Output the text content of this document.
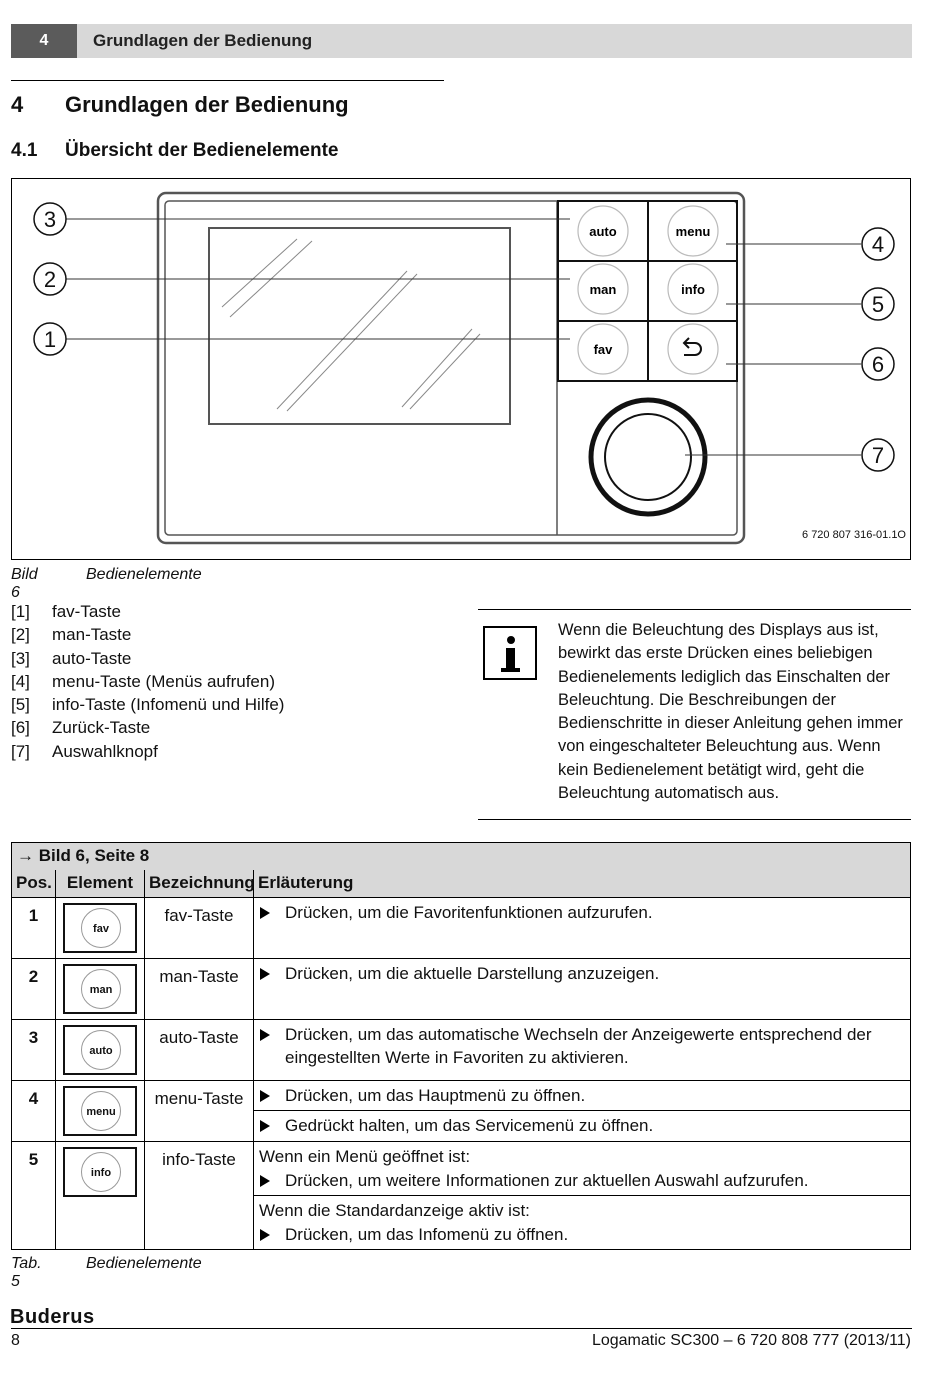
4	Grundlagen der Bedienung
4 Grundlagen der Bedienung
4.1 Übersicht der Bedienelemente
auto	menu
man	info
fav
1
2
3
4
5
6
7
6 720 807 316-01.1O
Bild 6
Bedienelemente
[1] fav-Taste
[2] man-Taste
[3] auto-Taste
[4] menu-Taste (Menüs aufrufen)
[5] info-Taste (Infomenü und Hilfe)
[6] Zurück-Taste
[7] Auswahlknopf
Wenn die Beleuchtung des Displays aus ist, bewirkt das erste Drücken eines beliebigen Bedienelements lediglich das Einschalten der Beleuchtung. Die Beschreibungen der Bedienschritte in dieser Anleitung gehen immer von eingeschalteter Beleuchtung aus. Wenn kein Bedienelement betätigt wird, geht die Beleuchtung automatisch aus.
→ Bild 6, Seite 8			
Pos.	Element	Bezeichnung	Erläuterung
1	fav	fav-Taste	Drücken, um die Favoritenfunktionen aufzurufen.

2	man	man-Taste	Drücken, um die aktuelle Darstellung anzuzeigen.

3	auto	auto-Taste	Drücken, um das automatische Wechseln der Anzeigewerte entsprechend der eingestellten Werte in Favoriten zu aktivieren.

4	menu	menu-Taste	Drücken, um das Hauptmenü zu öffnen.
Gedrückt halten, um das Servicemenü zu öffnen.

5	info	info-Taste	Wenn ein Menü geöffnet ist:
Drücken, um weitere Informationen zur aktuellen Auswahl aufzurufen.
Wenn die Standardanzeige aktiv ist:
Drücken, um das Infomenü zu öffnen.
Tab. 5
Bedienelemente
Buderus
8	Logamatic SC300 – 6 720 808 777 (2013/11)
